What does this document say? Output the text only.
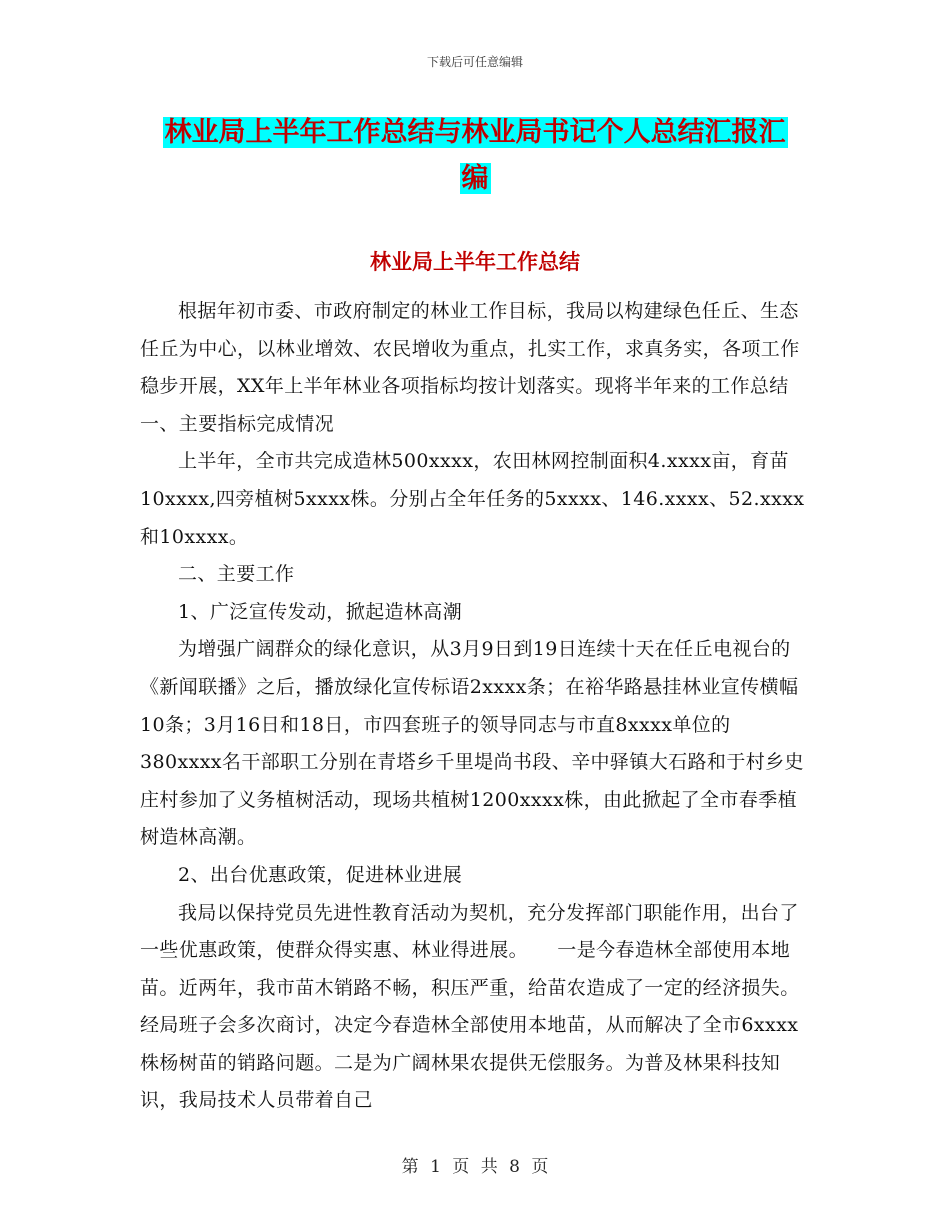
下载后可任意编辑
林业局上半年工作总结与林业局书记个人总结汇报汇
编
林业局上半年工作总结

根据年初市委、市政府制定的林业工作目标，我局以构建绿色任丘、生态任丘为中心，以林业增效、农民增收为重点，扎实工作，求真务实，各项工作稳步开展，XX年上半年林业各项指标均按计划落实。现将半年来的工作总结一、主要指标完成情况

上半年，全市共完成造林500xxxx，农田林网控制面积4.xxxx亩，育苗10xxxx,四旁植树5xxxx株。分别占全年任务的5xxxx、146.xxxx、52.xxxx和10xxxx。

二、主要工作

1、广泛宣传发动，掀起造林高潮

为增强广阔群众的绿化意识，从3月9日到19日连续十天在任丘电视台的《新闻联播》之后，播放绿化宣传标语2xxxx条；在裕华路悬挂林业宣传横幅10条；3月16日和18日，市四套班子的领导同志与市直8xxxx单位的380xxxx名干部职工分别在青塔乡千里堤尚书段、辛中驿镇大石路和于村乡史庄村参加了义务植树活动，现场共植树1200xxxx株，由此掀起了全市春季植树造林高潮。

2、出台优惠政策，促进林业进展

我局以保持党员先进性教育活动为契机，充分发挥部门职能作用，出台了一些优惠政策，使群众得实惠、林业得进展。　　一是今春造林全部使用本地苗。近两年，我市苗木销路不畅，积压严重，给苗农造成了一定的经济损失。经局班子会多次商讨，决定今春造林全部使用本地苗，从而解决了全市6xxxx株杨树苗的销路问题。二是为广阔林果农提供无偿服务。为普及林果科技知识，我局技术人员带着自己

第 1 页 共 8 页
